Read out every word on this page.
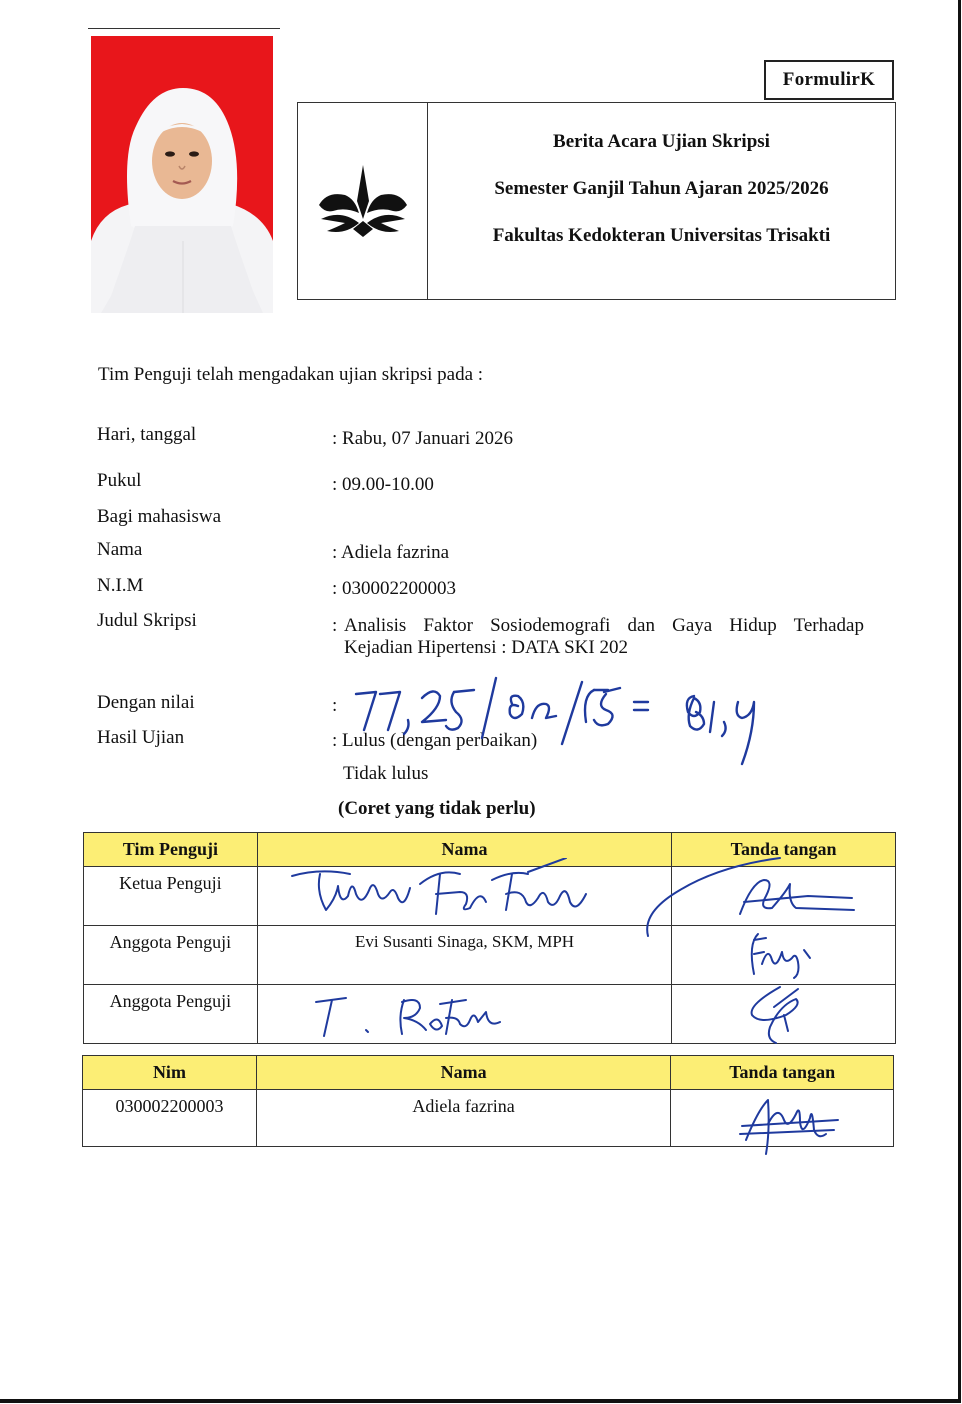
FormulirK
Berita Acara Ujian Skripsi
Semester Ganjil Tahun Ajaran 2025/2026
Fakultas Kedokteran Universitas Trisakti
Tim Penguji telah mengadakan ujian skripsi pada :
Hari, tanggal	: Rabu, 07 Januari 2026
Pukul	: 09.00-10.00
Bagi mahasiswa
Nama	: Adiela fazrina
N.I.M	: 030002200003
Judul Skripsi	: Analisis Faktor Sosiodemografi dan Gaya Hidup Terhadap
Kejadian Hipertensi : DATA SKI 202
Dengan nilai	:
Hasil Ujian	: Lulus (dengan perbaikan)
Tidak lulus
(Coret yang tidak perlu)
Tim Penguji	Nama	Tanda tangan
Ketua Penguji		
Anggota Penguji	Evi Susanti Sinaga, SKM, MPH	
Anggota Penguji		
Nim	Nama	Tanda tangan
030002200003	Adiela fazrina	
